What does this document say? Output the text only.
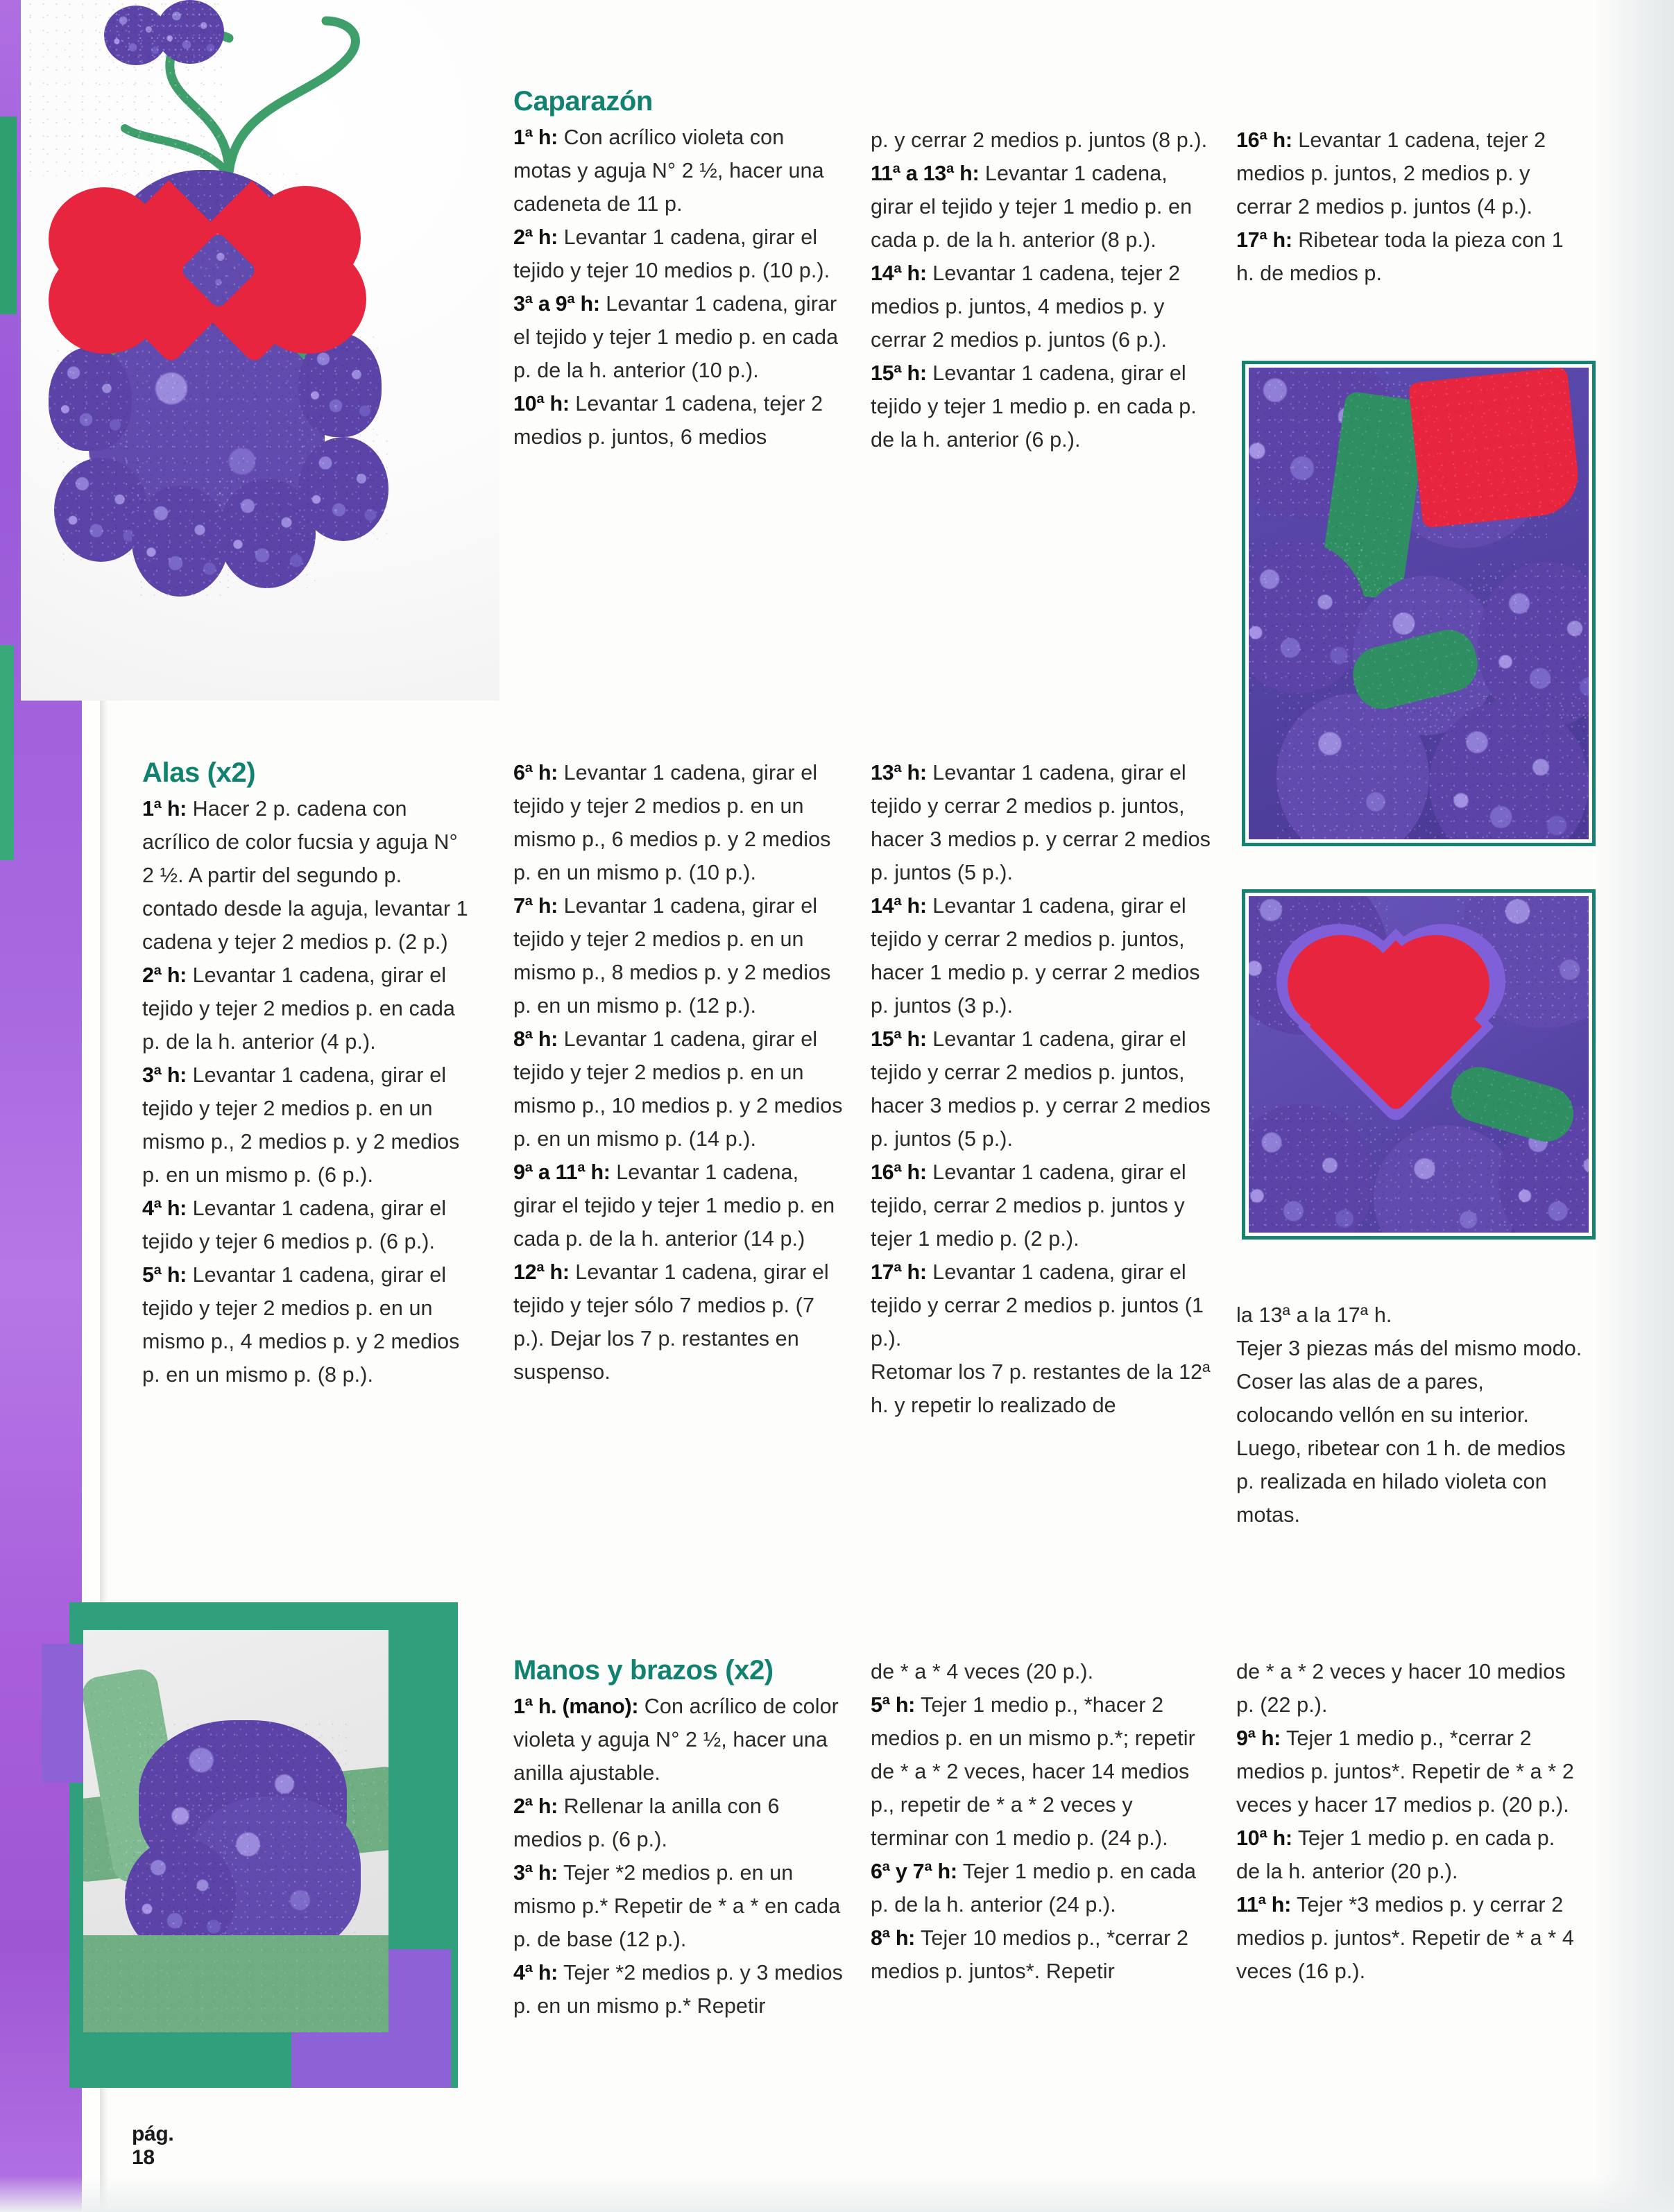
Caparazón

1ª h: Con acrílico violeta con motas y aguja N° 2 ½, hacer una cadeneta de 11 p.

2ª h: Levantar 1 cadena, girar el tejido y tejer 10 medios p. (10 p.).

3ª a 9ª h: Levantar 1 cadena, girar el tejido y tejer 1 medio p. en cada p. de la h. anterior (10 p.).

10ª h: Levantar 1 cadena, tejer 2 medios p. juntos, 6 medios

p. y cerrar 2 medios p. juntos (8 p.).

11ª a 13ª h: Levantar 1 cadena, girar el tejido y tejer 1 medio p. en cada p. de la h. anterior (8 p.).

14ª h: Levantar 1 cadena, tejer 2 medios p. juntos, 4 medios p. y cerrar 2 medios p. juntos (6 p.).

15ª h: Levantar 1 cadena, girar el tejido y tejer 1 medio p. en cada p. de la h. anterior (6 p.).

16ª h: Levantar 1 cadena, tejer 2 medios p. juntos, 2 medios p. y cerrar 2 medios p. juntos (4 p.).

17ª h: Ribetear toda la pieza con 1 h. de medios p.

Alas (x2)

1ª h: Hacer 2 p. cadena con acrílico de color fucsia y aguja N° 2 ½. A partir del segundo p. contado desde la aguja, levantar 1 cadena y tejer 2 medios p. (2 p.)

2ª h: Levantar 1 cadena, girar el tejido y tejer 2 medios p. en cada p. de la h. anterior (4 p.).

3ª h: Levantar 1 cadena, girar el tejido y tejer 2 medios p. en un mismo p., 2 medios p. y 2 medios p. en un mismo p. (6 p.).

4ª h: Levantar 1 cadena, girar el tejido y tejer 6 medios p. (6 p.).

5ª h: Levantar 1 cadena, girar el tejido y tejer 2 medios p. en un mismo p., 4 medios p. y 2 medios p. en un mismo p. (8 p.).

6ª h: Levantar 1 cadena, girar el tejido y tejer 2 medios p. en un mismo p., 6 medios p. y 2 medios p. en un mismo p. (10 p.).

7ª h: Levantar 1 cadena, girar el tejido y tejer 2 medios p. en un mismo p., 8 medios p. y 2 medios p. en un mismo p. (12 p.).

8ª h: Levantar 1 cadena, girar el tejido y tejer 2 medios p. en un mismo p., 10 medios p. y 2 medios p. en un mismo p. (14 p.).

9ª a 11ª h: Levantar 1 cadena, girar el tejido y tejer 1 medio p. en cada p. de la h. anterior (14 p.)

12ª h: Levantar 1 cadena, girar el tejido y tejer sólo 7 medios p. (7 p.). Dejar los 7 p. restantes en suspenso.

13ª h: Levantar 1 cadena, girar el tejido y cerrar 2 medios p. juntos, hacer 3 medios p. y cerrar 2 medios p. juntos (5 p.).

14ª h: Levantar 1 cadena, girar el tejido y cerrar 2 medios p. juntos, hacer 1 medio p. y cerrar 2 medios p. juntos (3 p.).

15ª h: Levantar 1 cadena, girar el tejido y cerrar 2 medios p. juntos, hacer 3 medios p. y cerrar 2 medios p. juntos (5 p.).

16ª h: Levantar 1 cadena, girar el tejido, cerrar 2 medios p. juntos y tejer 1 medio p. (2 p.).

17ª h: Levantar 1 cadena, girar el tejido y cerrar 2 medios p. juntos (1 p.).

Retomar los 7 p. restantes de la 12ª h. y repetir lo realizado de

la 13ª a la 17ª h.

Tejer 3 piezas más del mismo modo. Coser las alas de a pares, colocando vellón en su interior. Luego, ribetear con 1 h. de medios p. realizada en hilado violeta con motas.

Manos y brazos (x2)

1ª h. (mano): Con acrílico de color violeta y aguja N° 2 ½, hacer una anilla ajustable.

2ª h: Rellenar la anilla con 6 medios p. (6 p.).

3ª h: Tejer *2 medios p. en un mismo p.* Repetir de * a * en cada p. de base (12 p.).

4ª h: Tejer *2 medios p. y 3 medios p. en un mismo p.* Repetir

de * a * 4 veces (20 p.).

5ª h: Tejer 1 medio p., *hacer 2 medios p. en un mismo p.*; repetir de * a * 2 veces, hacer 14 medios p., repetir de * a * 2 veces y terminar con 1 medio p. (24 p.).

6ª y 7ª h: Tejer 1 medio p. en cada p. de la h. anterior (24 p.).

8ª h: Tejer 10 medios p., *cerrar 2 medios p. juntos*. Repetir

de * a * 2 veces y hacer 10 medios p. (22 p.).

9ª h: Tejer 1 medio p., *cerrar 2 medios p. juntos*. Repetir de * a * 2 veces y hacer 17 medios p. (20 p.).

10ª h: Tejer 1 medio p. en cada p. de la h. anterior (20 p.).

11ª h: Tejer *3 medios p. y cerrar 2 medios p. juntos*. Repetir de * a * 4 veces (16 p.).

pág.
18
